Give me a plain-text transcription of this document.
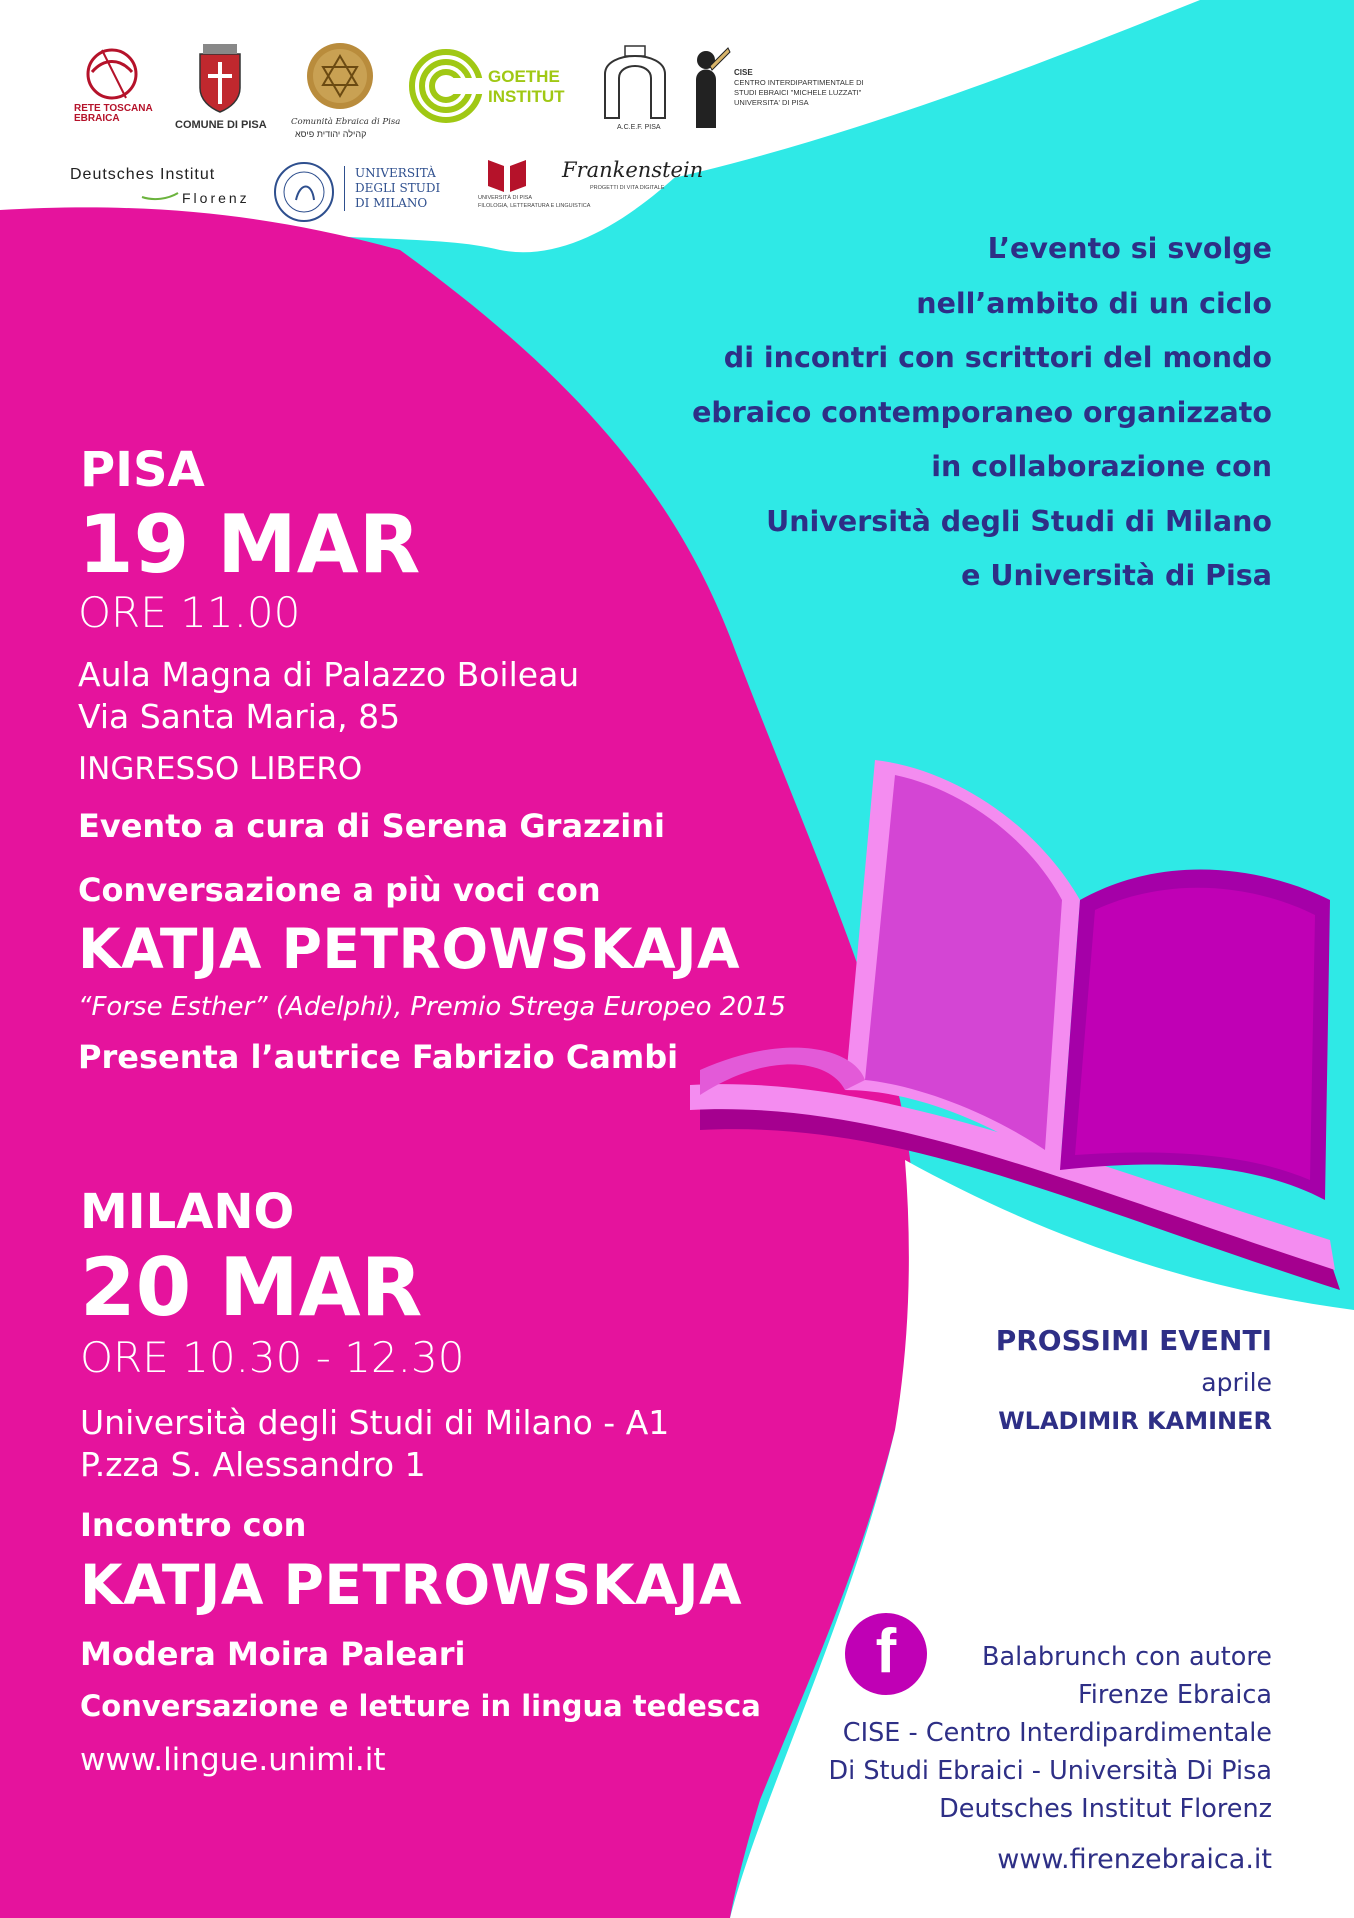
RETE TOSCANA EBRAICA
COMUNE DI PISA	Comunità Ebraica di Pisa
קהילה יהודית פיסא
GOETHE
INSTITUT
A.C.E.F. PISA
CISE
CENTRO INTERDIPARTIMENTALE DI
STUDI EBRAICI "MICHELE LUZZATI"
UNIVERSITA' DI PISA
Deutsches Institut
Florenz
UNIVERSITÀ
DEGLI STUDI
DI MILANO	UNIVERSITÀ DI PISA
FILOLOGIA, LETTERATURA E LINGUISTICA
Frankenstein
PROGETTI DI VITA DIGITALE
L’evento si svolge
nell’ambito di un ciclo
di incontri con scrittori del mondo
ebraico contemporaneo organizzato
in collaborazione con
Università degli Studi di Milano
e Università di Pisa
PISA
19 MAR
ORE 11.00
Aula Magna di Palazzo Boileau
Via Santa Maria, 85
INGRESSO LIBERO
Evento a cura di Serena Grazzini
Conversazione a più voci con
KATJA PETROWSKAJA
“Forse Esther” (Adelphi), Premio Strega Europeo 2015
Presenta l’autrice Fabrizio Cambi
MILANO
20 MAR
ORE 10.30 - 12.30
Università degli Studi di Milano - A1
P.zza S. Alessandro 1
Incontro con
KATJA PETROWSKAJA
Modera Moira Paleari
Conversazione e letture in lingua tedesca
www.lingue.unimi.it
PROSSIMI EVENTI
aprile
WLADIMIR KAMINER
f	Balabrunch con autore
Firenze Ebraica
CISE - Centro Interdipardimentale
Di Studi Ebraici - Università Di Pisa
Deutsches Institut Florenz
www.firenzebraica.it
